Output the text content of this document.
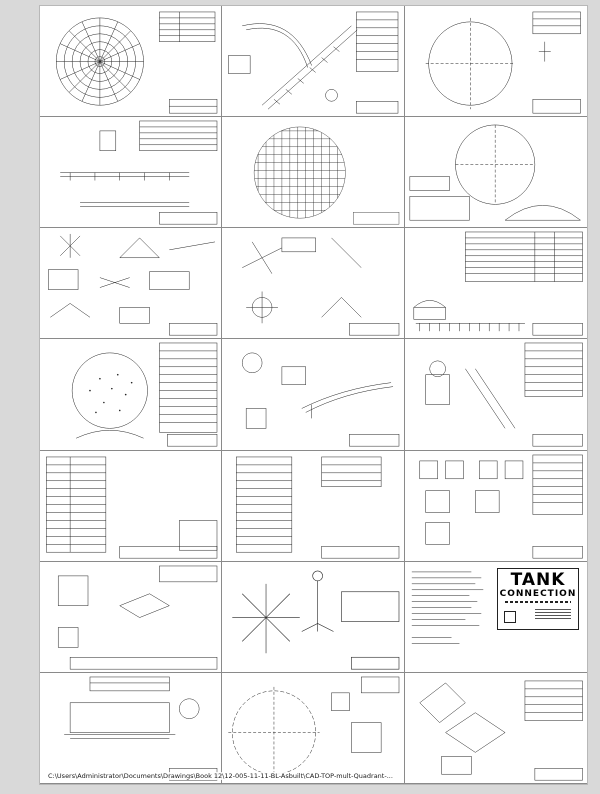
TANK
CONNECTION
C:\Users\Administrator\Documents\Drawings\Book 12\12-005-11-11-BL-Asbuilt\CAD-TOP-mult-Quadrant-...
